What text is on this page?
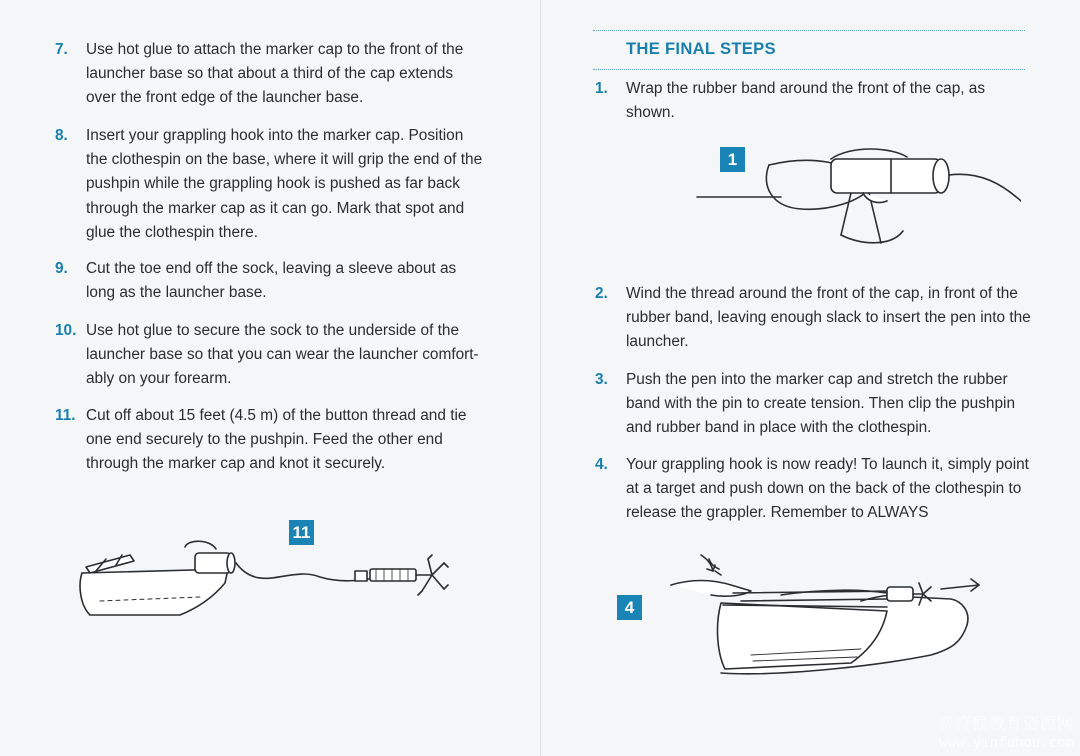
7. Use hot glue to attach the marker cap to the front of the launcher base so that about a third of the cap extends over the front edge of the launcher base.
8. Insert your grappling hook into the marker cap. Position the clothespin on the base, where it will grip the end of the pushpin while the grappling hook is pushed as far back through the marker cap as it can go. Mark that spot and glue the clothespin there.
9. Cut the toe end off the sock, leaving a sleeve about as long as the launcher base.
10. Use hot glue to secure the sock to the underside of the launcher base so that you can wear the launcher comfort-ably on your forearm.
11. Cut off about 15 feet (4.5 m) of the button thread and tie one end securely to the pushpin. Feed the other end through the marker cap and knot it securely.
11
THE FINAL STEPS
1. Wrap the rubber band around the front of the cap, as shown.
1
2. Wind the thread around the front of the cap, in front of the rubber band, leaving enough slack to insert the pen into the launcher.
3. Push the pen into the marker cap and stretch the rubber band with the pin to create tension. Then clip the pushpin and rubber band in place with the clothespin.
4. Your grappling hook is now ready! To launch it, simply point at a target and push down on the back of the clothespin to release the grappler. Remember to ALWAYS
4
音符猴教育资源网
www.yinfuhou.com
